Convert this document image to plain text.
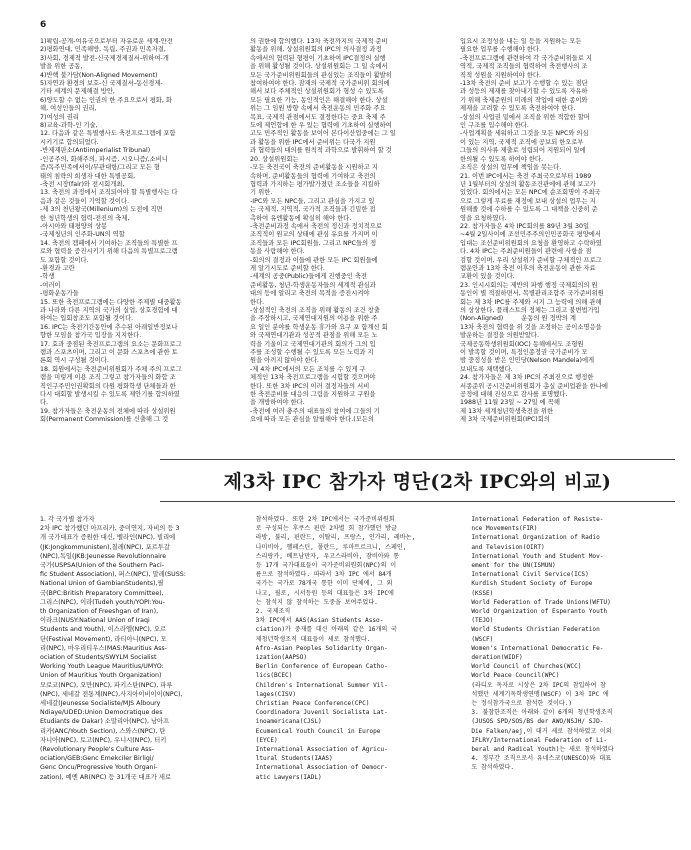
6

1)확립-공개-여유국으로부터 자유로운 세계-안전

2)평화연대, 민족해방, 독립, 주권과 민족자결,

3)사회, 경제적 발전-신국제경제질서-위하여-개

발을 위한 공동,

4)반핵 불가담(Non-Aligned Movement)

5)자연과 환경의 보호-신 국제질서-동신경제-

기타 세계의 문제해결 방안,

6)양도할 수 없는 인권의 한 주요으로서 평화, 화

해, 여성인들의 권리,

7)여성의 권리

8)교육-과학-인 기술,

12. 다음과 같은 특별행사도 축전프로그램에 포함

시키기로 합의되었다.

-반제재판소(Antiimperialist Tribunal)

-인공주의, 화해주의, 파시즘, 시오니즘/,소비니

즘/독주민족에서이/무관대항/그리고 모든 형

태의 침략의 희생자 대한 특별공회,

-축전 시장(fair)와 전시회개최,

13. 축전의 과정에서 조직되어야 할 특별행사는 다

음과 같은 것들이 기억할 것이다.

-제 3의 천년왕국(Millenium)의 도전에 직면

한 청년학생의 협력-전진의 축제,

-아시아와 태평양의 상봉

-국제청년의 인주화-UN의 역할

14. 축전의 캠페에서 기여하는 조직들의 특별한 프

로와 협력을 증진시키기 위해 다음의 특별프로그램

도 포함할 것이다.

-환경과 고란

-학생

-여러이

-평화운동가들

15. 또한 축전프로그램에는 다양한 주제별 대중활동

과 나라와 다른 지역의 국가의 실업, 상호경험에 대

하여는 입회창조도 포함될 것이다.

16. IPC는 축전기간동안에 추수된 아래일반정보나

향한 모임을 참가국 입장을 지지한다.

17. 효과 중점된 축전프로그램의 요소는 문화프로그

램과 스포츠이며, 그리고 이 문화 스포츠에 관한 토

론회 역시 구성될 것이다.

18. 회원에서는 축전준비위원회가 주체 주의 프로그

램을 미렇게 이용 조직 그렇고 참가자들의 화합 조

직인구주민인권확회의 다원 평화학생 단체들과 한

다시 대회할 발생시킬 수 있도록 제안기를 합의하였

다.

19. 참가자들은 축전운동의 전체에 따라 상설위원

회(Permanent Commission)를 신출해 그 것

의 권한에 합의했다. 13차 축전까지의 국제적 준비

활동을 위해, 상설위원회의 IPC의 의사결정 과정

속에서의 협력된 형평이 기초하여 IPC결정의 실행

을 위해 활성될 것이다. 상설위원회는 그 일 속에서

모든 국가준비위원회들의 관심있는 조직들이 활발히

참여하여야 한다. 잠재의 국제적 국가준비위 회의에

해서 보다 주체적인 상설위원회가 형성 수 있도록

모든 필요한 기능, 동인적인은 해결해야 한다. 상설

위는 그 임원 방향 속에서 축전운동의 민주화 주요

목표, 국제적 관점에서도 결정한다는 중요 축제 주

도에 제언합에 한 우 있는 협력에 기초하여 실행하여

고도 민주적인 활동을 보이어 본다이산업중에는 그 일

과 활동을 위한 IPC에서 준비위는 다국가 지원

과 협력들의 대의를 원칙적 과학으로 발휘하여 할 것

20. 상설위원회는

-모든 축전국이 축전의 준비활동을 시원하고 지

속하며, 준비활동들의 협력에 기여하고 축전의

협력과 가지하는 평가발가졌던 조소들을 지킬하

기 위한.

-IPC와 모든 NPC들, 그리고 관심을 가지고 있

는 국제적, 지역적, 국가적 조직들과 긴밀한 접

촉하여 유엔활동에 확실히 해야 한다.

-축전준비과정 속에서 축전의 정신과 정치적으로

조직적이 원교의 상태에 관심 유요를 가지며 이

조직들과 모든 IPC회원들, 그리고 NPC들의 정

동을 사람해야 한다.

-회의의 결정과 이들에 관한 모든 IPC 회원들에

게 알기시도로 준비할 한다.

-세계의 공중(Public)들에게 진행중인 축전

준비활동, 청년-학생운동자들의 세계적 관심과

대의 등에 알리고 축전의 목적을 증진시켜야

한다.

-상설적인 축전의 조직을 위해 활동의 조건 창출

을 주장하시고, 국제연대지원의 이용을 위한 주

요 일인 분야를 학생운동 휴가와 요구 포 함계신 회

와 국제연대기관과 성공적 관점을 위해 모든 노

력을 기울이고 국제연대기관의 회의가 그의 입

주를 조성할 수행될 수 있도록 모든 노력과 지

원을 아끼지 않아야 한다.

-제 4차 IPC에서의 모든 조치를 수 있게 구

체적인 13차 축전프로그램을 시험할 것으며야

한다. 또한 3차 IPC의 이러 결정자들의 서비

한 축전준비를 대응의 그림을 지원하고 구원을

을 개방하여야 한다.

-축전에 여러 충주의 대표들의 참여에 그들의 기

요에 따라 모든 관심을 알릴해야 한다.(모든의

입요시 조정성을 내는 일 등을 지원하는 모든

필요한 업무를 수행해야 한다.

-축전프로그램에 관련하여 각 국가준비위들로 지

역적, 국제적 조직들의 협력하여 축전행사의 조

직적 성원을 지원하여야 한다.

-13차 축전의 준비 보고가 수행할 수 있는 점단

과 성등의 제재를 찾아내기할 수 있도록 자유하

기 위해 축제준원의 미래의 작업에 대한 종이와

제재을 고려할 수 있도록 축전하여야 한다.

-상설의 사업권 밑에서 조직을 위한 적합한 할머

인 구조를 입수해야 한다.

-사업계획을 세워하고 그것을 모든 NPC와 의심

이 있는 지역, 국제적 조직에 공보되 한오로부

그들의 의사류 제출로 성립되어 지원되어 일에

한의될 수 있도록 하여야 한다.

조직은 상설의 업무에 책임을 못는다.

21. 이번 IPC에서는 축전 주최국으로부터 1989

년 1월부터의 상설의 활동조건관에에 관해 보고가

있었다. 회의에서는 모든 NPC에 순조회명이 주최국

으로 그렇게 무료를 재정에 보내 상설의 업무는 지

원해줄 것에 수하를 수 있도록 그 대책을 신중히 준

영을 요청하였다.

22. 참가자들은 4차 IPC회의를 89년 3월 30일

~4월 2일사이에 조선민주주의인민공화국 평양에서

입대는 조선준비위원회의 요청을 환영하고 수락하였

다. 4차 IPC는 주최준비원들이 관련에 사항을 점

검할 것이며, 우리 상설위가 준비할 구체적인 프로그

램운안과 13차 축전 이후의 축전운동이 관한 자료

교환이 있을 것이다.

23. 인시시회의는 제반의 파행 행정 국제회의의 원

동인이 별 적절하면서, 목별관리조합주 국가준비위원

회는 제 3차 IPC를 주제와 시기 그 능력에 의해 관해

의 상상한다, 플레스트의 정체는 그리고 불변법가입

(Non-Aligned)         운동의 원 정박의 계

13차 축전의 협력을 위 것을 조정하는 공이소명응을

발운하는 결정을 의원받았다.

국제공동학생위원회(IOC) 동해에서도 조형원

이 발족할 것이며, 특정인종정권 국가준비가 모

밤 중정성을 받은 인민당(Nelson Mandela)에게

보내도록 채택했다.

24. 참가자들은 제 3차 IPC의 주최진으로 행정한

서종준위 공시건준비위원회가 총실 준비업관을 한나에

공정에 대해 진심으로 감사를 표명했다.

1988년 11월 23일 ~ 27일 에 꼭해

제 13차 세계청년학생축전을 위한

제 3차 국제준비위원회(IPC)회의

제3차 IPC 참가자 명단(2차 IPC와의 비교)

1. 각 국가별 참가자

2차 IPC 참가했던 아프리카, 중미연지, 자비의 등 3

개 국가대표가 증원한 대신, 벨라인(NPC), 빌리에

(JK:Jongkommunisten),칠레(NPC), 포르투갈

(NPC),독일(JKB:Jeunesse Revolutionnaire

국가(USPSA(Union of the Southern Paci-

fic Student Association), 퍼스(NPC), 말레(SUSS:

National Union of GambianStudents),필

국(BPC:British Preparatory Committee),

그리스(NPC), 이라(Tudeh youth/YOPI:You-

th Organization of Freeshgan of Iran),

이라크(NUSY:National Union of Iraqi

Students and Youth), 이스라엘(NPC), 오르

단(Festival Movement), 라티아니(NPC), 모

리(NPC), 마우리티우스(MAS:Mauritius Ass-

ociation of Students/SWYLM Socialist

Working Youth League Mauritius/UMYO:

Union of Mauritius Youth Organization)

모로코(NPC), 오만(NPC), 파키스탄(NPC), 파루

(NPC), 세네갈 전통계(NPC),사지아이비이이(NPC),

세네갈(Jeunesse Socialiste/MJS Alboury

Ndiaye/UDED:Union Democratique des

Etudiants de Dakar) 소말리아(NPC), 남아프

리카(ANC/Youth Section), 스와스(NPC), 탄

자니아(NPC), 토고(NPC), 우니시(NPC), 터키

(Revolutionary People's Culture Ass-

ociation/GEB:Genc Emekciler Birligi/

Genc Oncu/Progressive Youth Organi-

zation), 예멘 AR(NPC) 등 31개국 대표가 새로

참석하였다. 또한 2차 IPC에서는 국가준비위원회

로 구성되는 후쿠스 핀란 2차별 회 참가했던 방글

라방, 불리, 핀란드, 이탈리, 프랑스, 인가리, 레바논,

나미비아, 헬페스틴, 폴란드, 루마트르크니, 스페인,

스리랑카, 베트남만자, 우고스라비아, 잠비아와 통

등 17개 국가대표들이 국가준비위원회(NPC)의 이

름으로 참석하였다. 따라서 3차 IPC 에서 84개

국가는 국가로 78개국 통한 이미 단체에, 그 외

나고, 필로, 시서등원 등의 대표들은 3차 IPC에

는 참석지 않 참석하는 도중을 보여주었다.

2. 국제조직

3차 IPC에서 AAS(Asian Students Asso-

ciation)가 중재를 대신 아래의 같은 16개의 국

제청년학생조직 대표들이 새로 참석했다.

Afro-Asian Peoples Solidarity Organ-

ization(AAPSO)

Berlin Conference of European Catho-

lics(BCEC)

Children's International Summer Vil-

lages(CISV)

Christian Peace Conference(CPC)

Coordinadora Juvenil Socialista Lat-

inoamericana(CJSL)

Ecumenical Youth Council in Europe

(EYCE)

International Association of Agricu-

ltural Students(IAAS)

International Association of Democr-

atic Lawyers(IADL)

International Federation of Resiste-

nce Movements(FIR)

International Organization of Radio

and Television(OIRT)

International Youth and Student Mov-

ement for the UN(ISMUN)

International Civil Service(ICS)

Kurdish Student Society of Europe

(KSSE)

World Federation of Trade Unions(WFTU)

World Organization of Esperanto Youth

(TEJO)

World Students Christian Federation

(WSCF)

Women's International Democratic Fe-

deration(WIDF)

World Council of Churches(WCC)

World Peace Council(WPC)

(라디오 독자로 시상은 2차 IPC의 참입하여 참

석했던 세계기독학생연맹(WSCF) 이 3차 IPC 에

는 정식참가국으로 참석한 것이다.)

3. 불참한조직은 아래와 같이 6개의 청년학생조직

(JUSOS SPD/SOS/BS der AWO/NSJH/ SJD-

Die Falken/aej,이 대거 세로 참석하였고 이외

IFLRY/International Federation of Li-

beral and Radical Youth)는 새로 참석하였다

4. 정부간 조직으로서 유네스코(UNESCO)와 대표

도 참석하였다.
